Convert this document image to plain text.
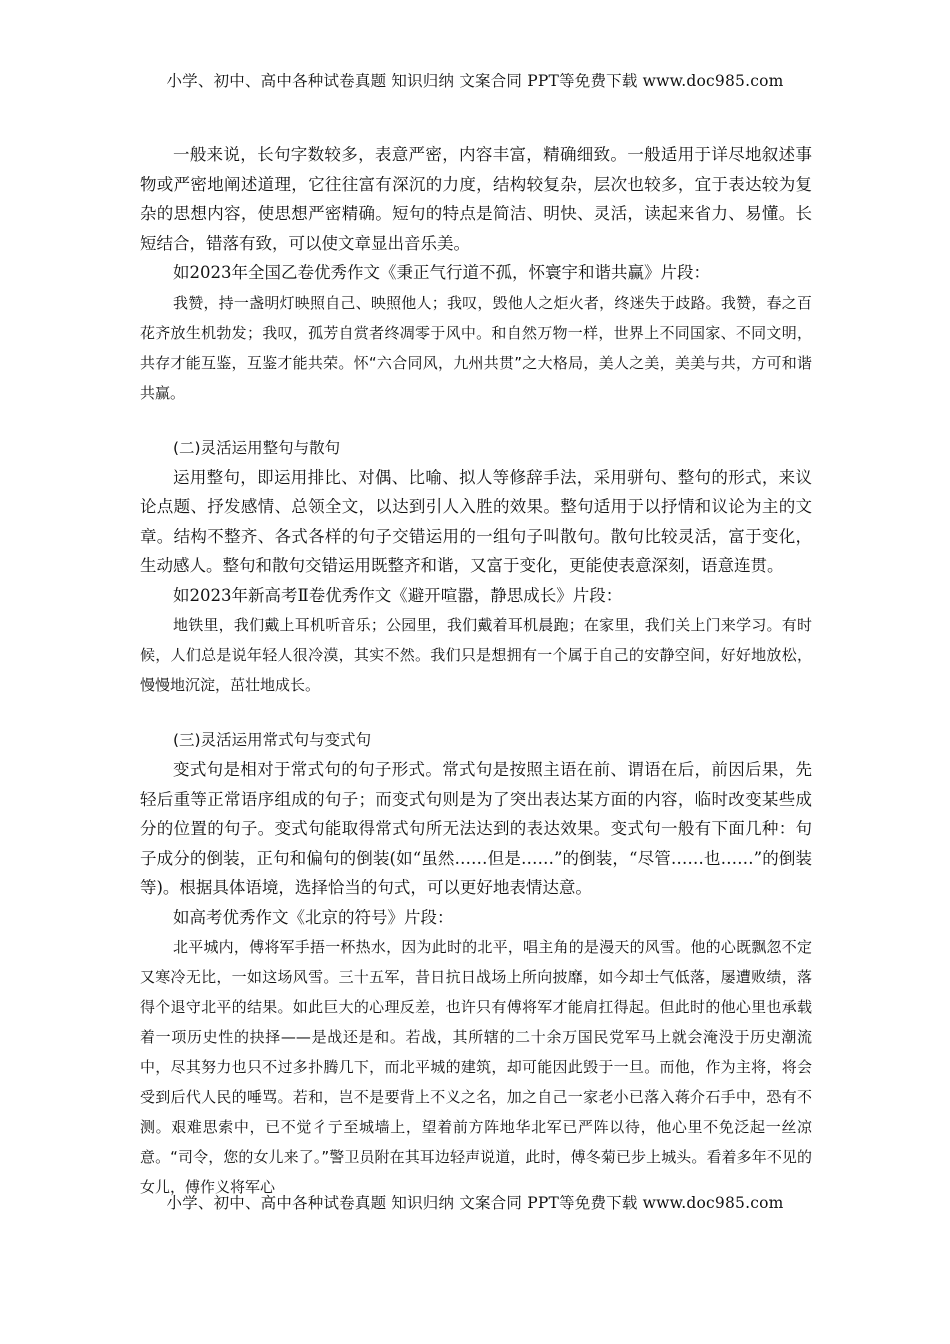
小学、初中、高中各种试卷真题 知识归纳 文案合同 PPT等免费下载 www.doc985.com

一般来说，长句字数较多，表意严密，内容丰富，精确细致。一般适用于详尽地叙述事物或严密地阐述道理，它往往富有深沉的力度，结构较复杂，层次也较多，宜于表达较为复杂的思想内容，使思想严密精确。短句的特点是简洁、明快、灵活，读起来省力、易懂。长短结合，错落有致，可以使文章显出音乐美。

如2023年全国乙卷优秀作文《秉正气行道不孤，怀寰宇和谐共赢》片段：

我赞，持一盏明灯映照自己、映照他人；我叹，毁他人之炬火者，终迷失于歧路。我赞，春之百花齐放生机勃发；我叹，孤芳自赏者终凋零于风中。和自然万物一样，世界上不同国家、不同文明，共存才能互鉴，互鉴才能共荣。怀“六合同风，九州共贯”之大格局，美人之美，美美与共，方可和谐共赢。

(二)灵活运用整句与散句

运用整句，即运用排比、对偶、比喻、拟人等修辞手法，采用骈句、整句的形式，来议论点题、抒发感情、总领全文，以达到引人入胜的效果。整句适用于以抒情和议论为主的文章。结构不整齐、各式各样的句子交错运用的一组句子叫散句。散句比较灵活，富于变化，生动感人。整句和散句交错运用既整齐和谐，又富于变化，更能使表意深刻，语意连贯。

如2023年新高考Ⅱ卷优秀作文《避开喧嚣，静思成长》片段：

地铁里，我们戴上耳机听音乐；公园里，我们戴着耳机晨跑；在家里，我们关上门来学习。有时候，人们总是说年轻人很冷漠，其实不然。我们只是想拥有一个属于自己的安静空间，好好地放松，慢慢地沉淀，茁壮地成长。

(三)灵活运用常式句与变式句

变式句是相对于常式句的句子形式。常式句是按照主语在前、谓语在后，前因后果，先轻后重等正常语序组成的句子；而变式句则是为了突出表达某方面的内容，临时改变某些成分的位置的句子。变式句能取得常式句所无法达到的表达效果。变式句一般有下面几种：句子成分的倒装，正句和偏句的倒装(如“虽然……但是……”的倒装，“尽管……也……”的倒装等)。根据具体语境，选择恰当的句式，可以更好地表情达意。

如高考优秀作文《北京的符号》片段：

北平城内，傅将军手捂一杯热水，因为此时的北平，唱主角的是漫天的风雪。他的心既飘忽不定又寒冷无比，一如这场风雪。三十五军，昔日抗日战场上所向披靡，如今却士气低落，屡遭败绩，落得个退守北平的结果。如此巨大的心理反差，也许只有傅将军才能肩扛得起。但此时的他心里也承载着一项历史性的抉择——是战还是和。若战，其所辖的二十余万国民党军马上就会淹没于历史潮流中，尽其努力也只不过多扑腾几下，而北平城的建筑，却可能因此毁于一旦。而他，作为主将，将会受到后代人民的唾骂。若和，岂不是要背上不义之名，加之自己一家老小已落入蒋介石手中，恐有不测。艰难思索中，已不觉彳亍至城墙上，望着前方阵地华北军已严阵以待，他心里不免泛起一丝凉意。“司令，您的女儿来了。”警卫员附在其耳边轻声说道，此时，傅冬菊已步上城头。看着多年不见的女儿，傅作义将军心

小学、初中、高中各种试卷真题 知识归纳 文案合同 PPT等免费下载 www.doc985.com
